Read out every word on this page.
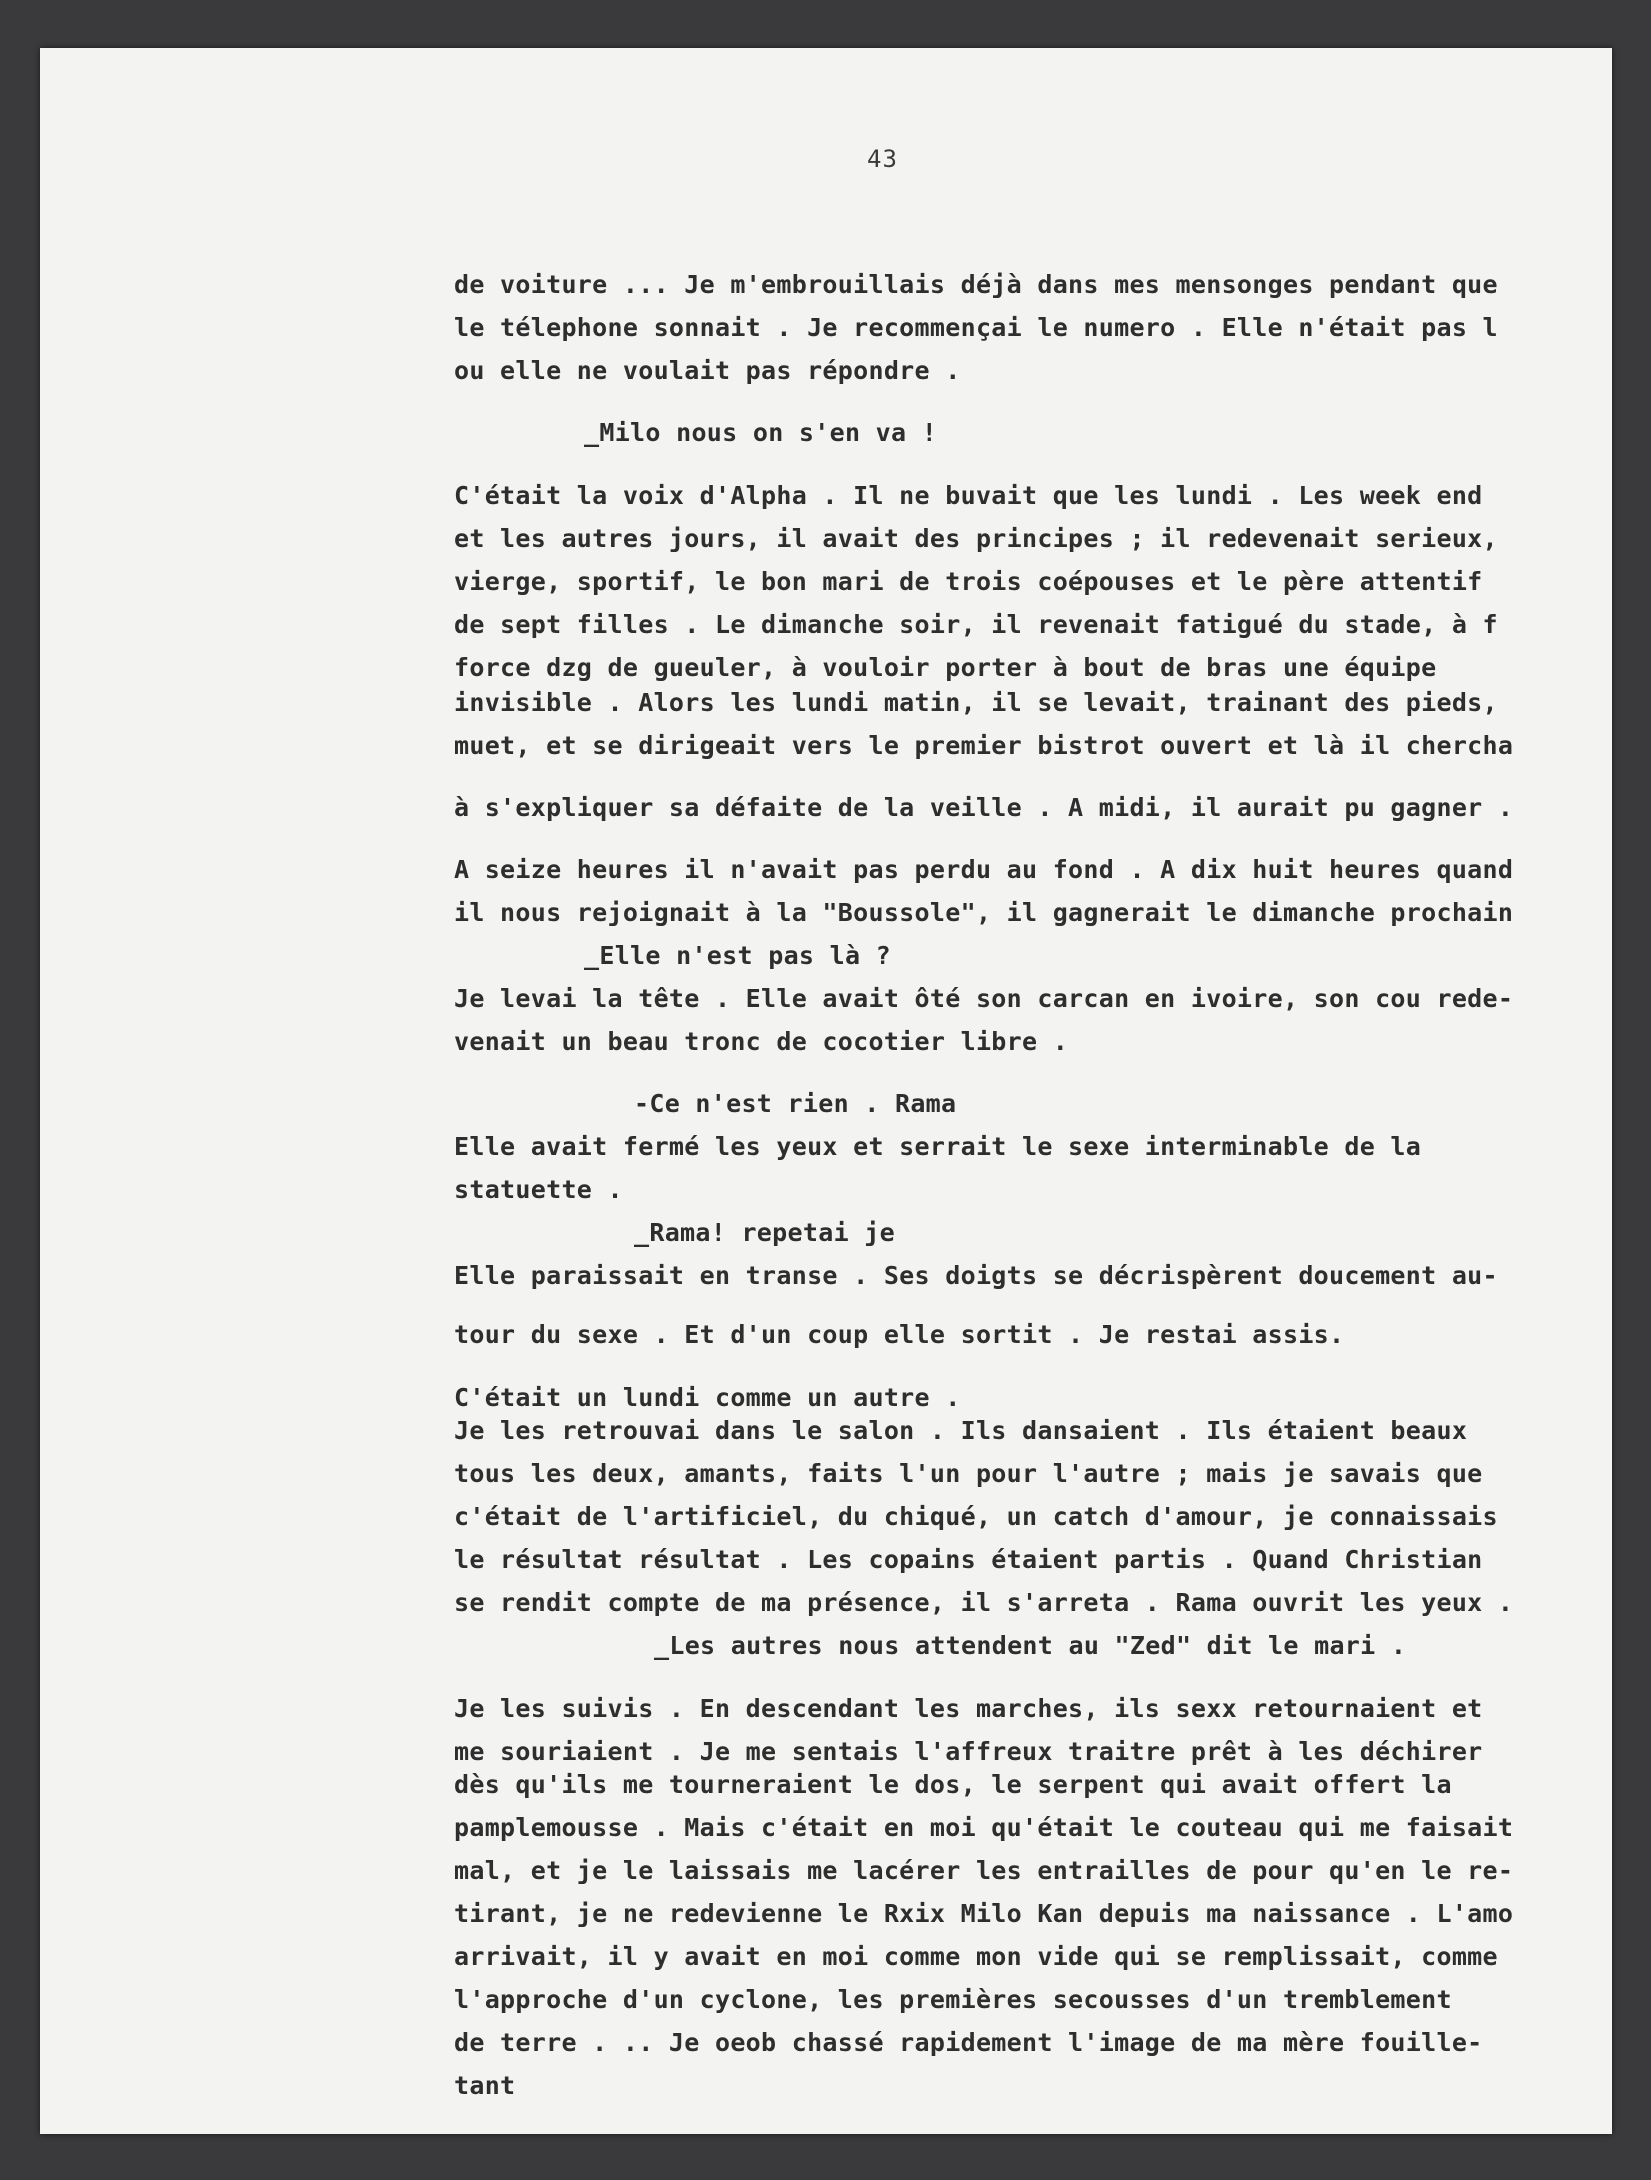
43

de voiture ... Je m'embrouillais déjà dans mes mensonges pendant que

le télephone sonnait . Je recommençai le numero . Elle n'était pas l

ou elle ne voulait pas répondre .

_Milo nous on s'en va !

C'était la voix d'Alpha . Il ne buvait que les lundi . Les week end

et les autres jours, il avait des principes ; il redevenait serieux,

vierge, sportif, le bon mari de trois coépouses et le père attentif

de sept filles . Le dimanche soir, il revenait fatigué du stade, à f

force dzg de gueuler, à vouloir porter à bout de bras une équipe

invisible . Alors les lundi matin, il se levait, trainant des pieds,

muet, et se dirigeait vers le premier bistrot ouvert et là il chercha

à s'expliquer sa défaite de la veille . A midi, il aurait pu gagner .

A seize heures il n'avait pas perdu au fond . A dix huit heures quand

il nous rejoignait à la "Boussole", il gagnerait le dimanche prochain

_Elle n'est pas là ?

Je levai la tête . Elle avait ôté son carcan en ivoire, son cou rede-

venait un beau tronc de cocotier libre .

-Ce n'est rien . Rama

Elle avait fermé les yeux et serrait le sexe interminable de la

statuette .

_Rama! repetai je

Elle paraissait en transe . Ses doigts se décrispèrent doucement au-

tour du sexe . Et d'un coup elle sortit . Je restai assis.

C'était un lundi comme un autre .

Je les retrouvai dans le salon . Ils dansaient . Ils étaient beaux

tous les deux, amants, faits l'un pour l'autre ; mais je savais que

c'était de l'artificiel, du chiqué, un catch d'amour, je connaissais

le résultat résultat . Les copains étaient partis . Quand Christian

se rendit compte de ma présence, il s'arreta . Rama ouvrit les yeux .

_Les autres nous attendent au "Zed" dit le mari .

Je les suivis . En descendant les marches, ils sexx retournaient et

me souriaient . Je me sentais l'affreux traitre prêt à les déchirer

dès qu'ils me tourneraient le dos, le serpent qui avait offert la

pamplemousse . Mais c'était en moi qu'était le couteau qui me faisait

mal, et je le laissais me lacérer les entrailles de pour qu'en le re-

tirant, je ne redevienne le Rxix Milo Kan depuis ma naissance . L'amo

arrivait, il y avait en moi comme mon vide qui se remplissait, comme

l'approche d'un cyclone, les premières secousses d'un tremblement

de terre . .. Je oeob chassé rapidement l'image de ma mère fouille-

tant
